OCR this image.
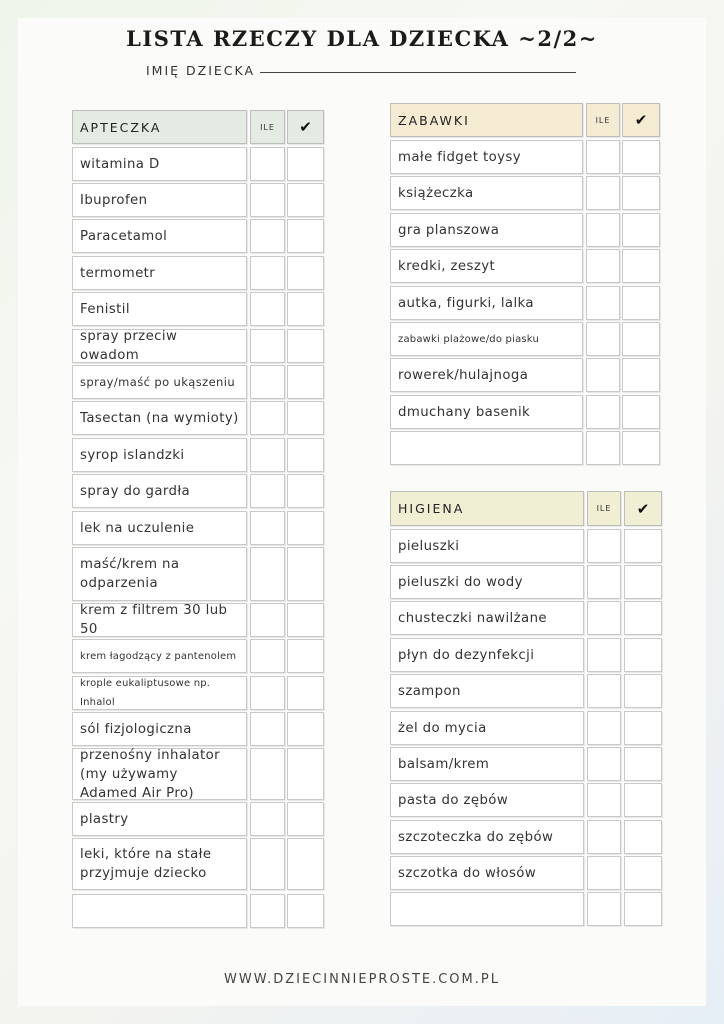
LISTA RZECZY DLA DZIECKA ~2/2~
IMIĘ DZIECKA
APTECZKA	ILE	✔
witamina D
Ibuprofen
Paracetamol
termometr
Fenistil
spray przeciw owadom
spray/maść po ukąszeniu
Tasectan (na wymioty)
syrop islandzki
spray do gardła
lek na uczulenie
maść/krem na odparzenia
krem z filtrem 30 lub 50
krem łagodzący z pantenolem
krople eukaliptusowe np. Inhalol
sól fizjologiczna
przenośny inhalator (my używamy Adamed Air Pro)
plastry
leki, które na stałe przyjmuje dziecko
ZABAWKI	ILE	✔
małe fidget toysy
książeczka
gra planszowa
kredki, zeszyt
autka, figurki, lalka
zabawki plażowe/do piasku
rowerek/hulajnoga
dmuchany basenik
HIGIENA	ILE	✔
pieluszki
pieluszki do wody
chusteczki nawilżane
płyn do dezynfekcji
szampon
żel do mycia
balsam/krem
pasta do zębów
szczoteczka do zębów
szczotka do włosów
WWW.DZIECINNIEPROSTE.COM.PL
